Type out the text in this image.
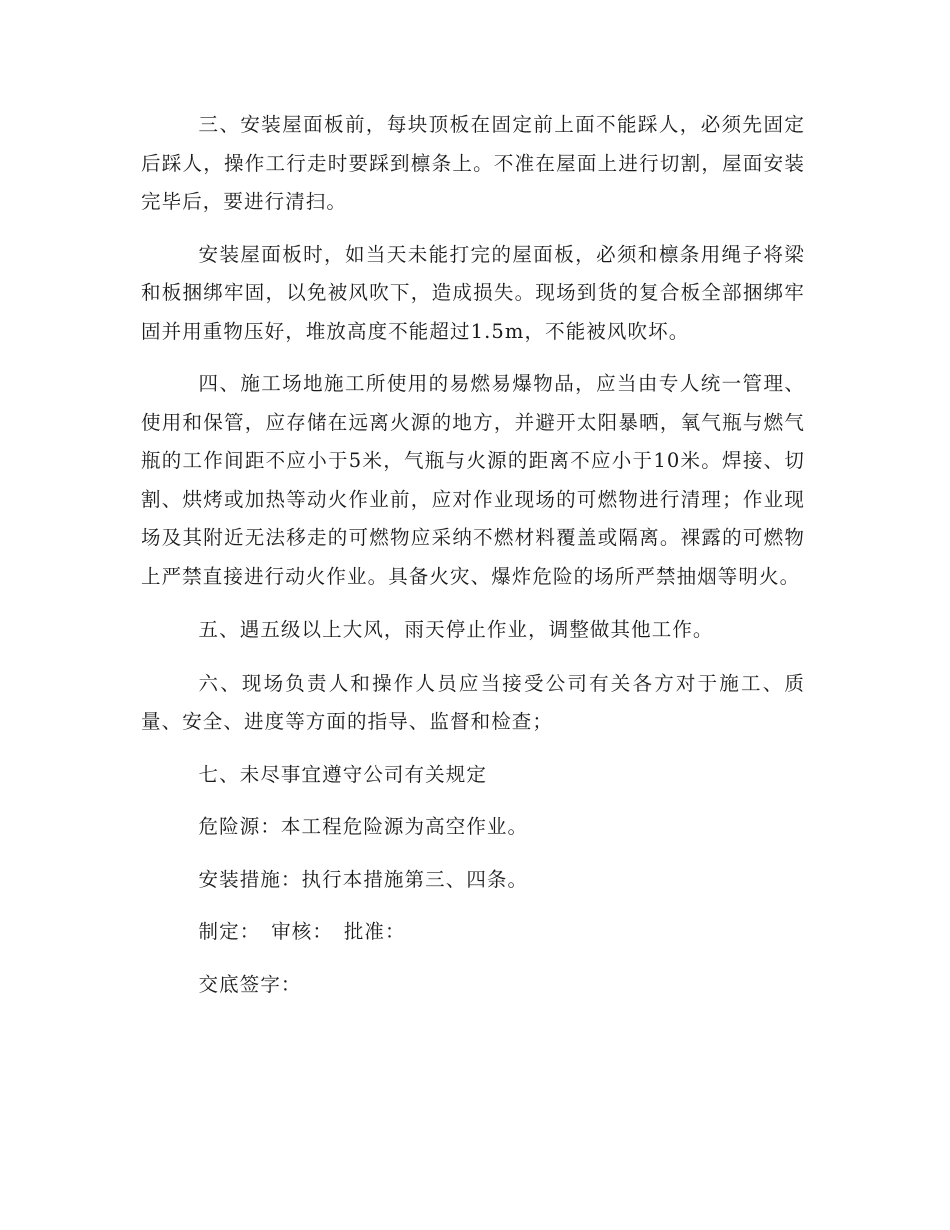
三、安装屋面板前，每块顶板在固定前上面不能踩人，必须先固定后踩人，操作工行走时要踩到檩条上。不准在屋面上进行切割，屋面安装完毕后，要进行清扫。

安装屋面板时，如当天未能打完的屋面板，必须和檩条用绳子将梁和板捆绑牢固，以免被风吹下，造成损失。现场到货的复合板全部捆绑牢固并用重物压好，堆放高度不能超过1.5m，不能被风吹坏。

四、施工场地施工所使用的易燃易爆物品，应当由专人统一管理、使用和保管，应存储在远离火源的地方，并避开太阳暴晒，氧气瓶与燃气瓶的工作间距不应小于5米，气瓶与火源的距离不应小于10米。焊接、切割、烘烤或加热等动火作业前，应对作业现场的可燃物进行清理；作业现场及其附近无法移走的可燃物应采纳不燃材料覆盖或隔离。裸露的可燃物上严禁直接进行动火作业。具备火灾、爆炸危险的场所严禁抽烟等明火。

五、遇五级以上大风，雨天停止作业，调整做其他工作。

六、现场负责人和操作人员应当接受公司有关各方对于施工、质量、安全、进度等方面的指导、监督和检查；

七、未尽事宜遵守公司有关规定

危险源：本工程危险源为高空作业。

安装措施：执行本措施第三、四条。

制定：　审核：　批准：

交底签字：
